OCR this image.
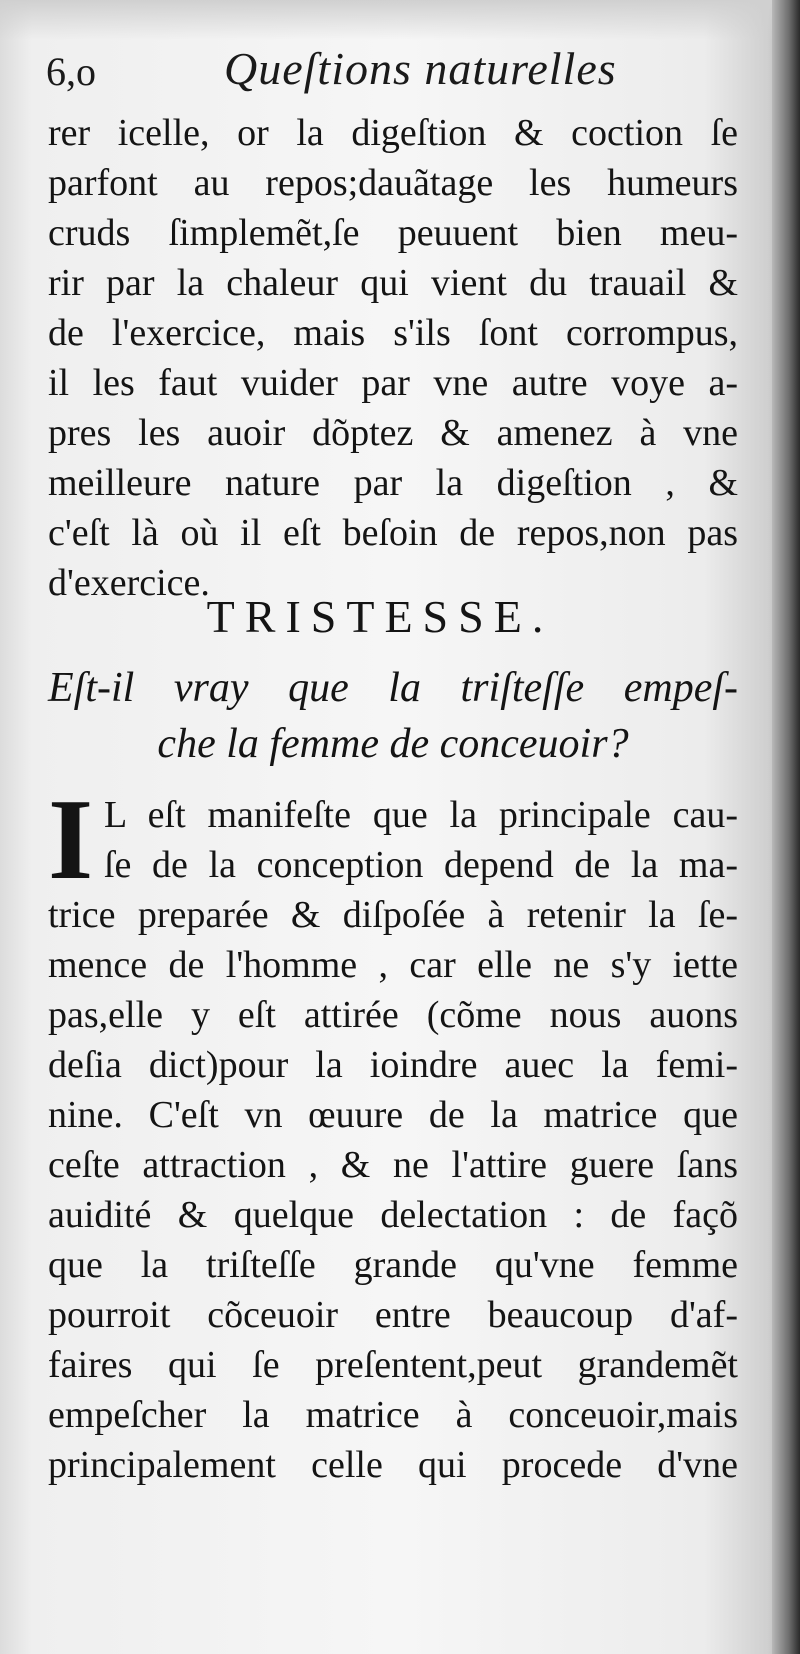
6,o	Queſtions naturelles
rer icelle, or la digeſtion & coction ſe
parfont au repos;dauãtage les humeurs
cruds ſimplemẽt,ſe peuuent bien meu-
rir par la chaleur qui vient du trauail &
de l'exercice, mais s'ils ſont corrompus,
il les faut vuider par vne autre voye a-
pres les auoir dõptez & amenez à vne
meilleure nature par la digeſtion , &
c'eſt là où il eſt beſoin de repos,non pas
d'exercice.
TRISTESSE.
Eſt-il vray que la triſteſſe empeſ-
che la femme de conceuoir?
I L eſt manifeſte que la principale cau-
ſe de la conception depend de la ma-
trice preparée & diſpoſée à retenir la ſe-
mence de l'homme , car elle ne s'y iette
pas,elle y eſt attirée (cõme nous auons
deſia dict)pour la ioindre auec la femi-
nine. C'eſt vn œuure de la matrice que
ceſte attraction , & ne l'attire guere ſans
auidité & quelque delectation : de façõ
que la triſteſſe grande qu'vne femme
pourroit cõceuoir entre beaucoup d'af-
faires qui ſe preſentent,peut grandemẽt
empeſcher la matrice à conceuoir,mais
principalement celle qui procede d'vne
